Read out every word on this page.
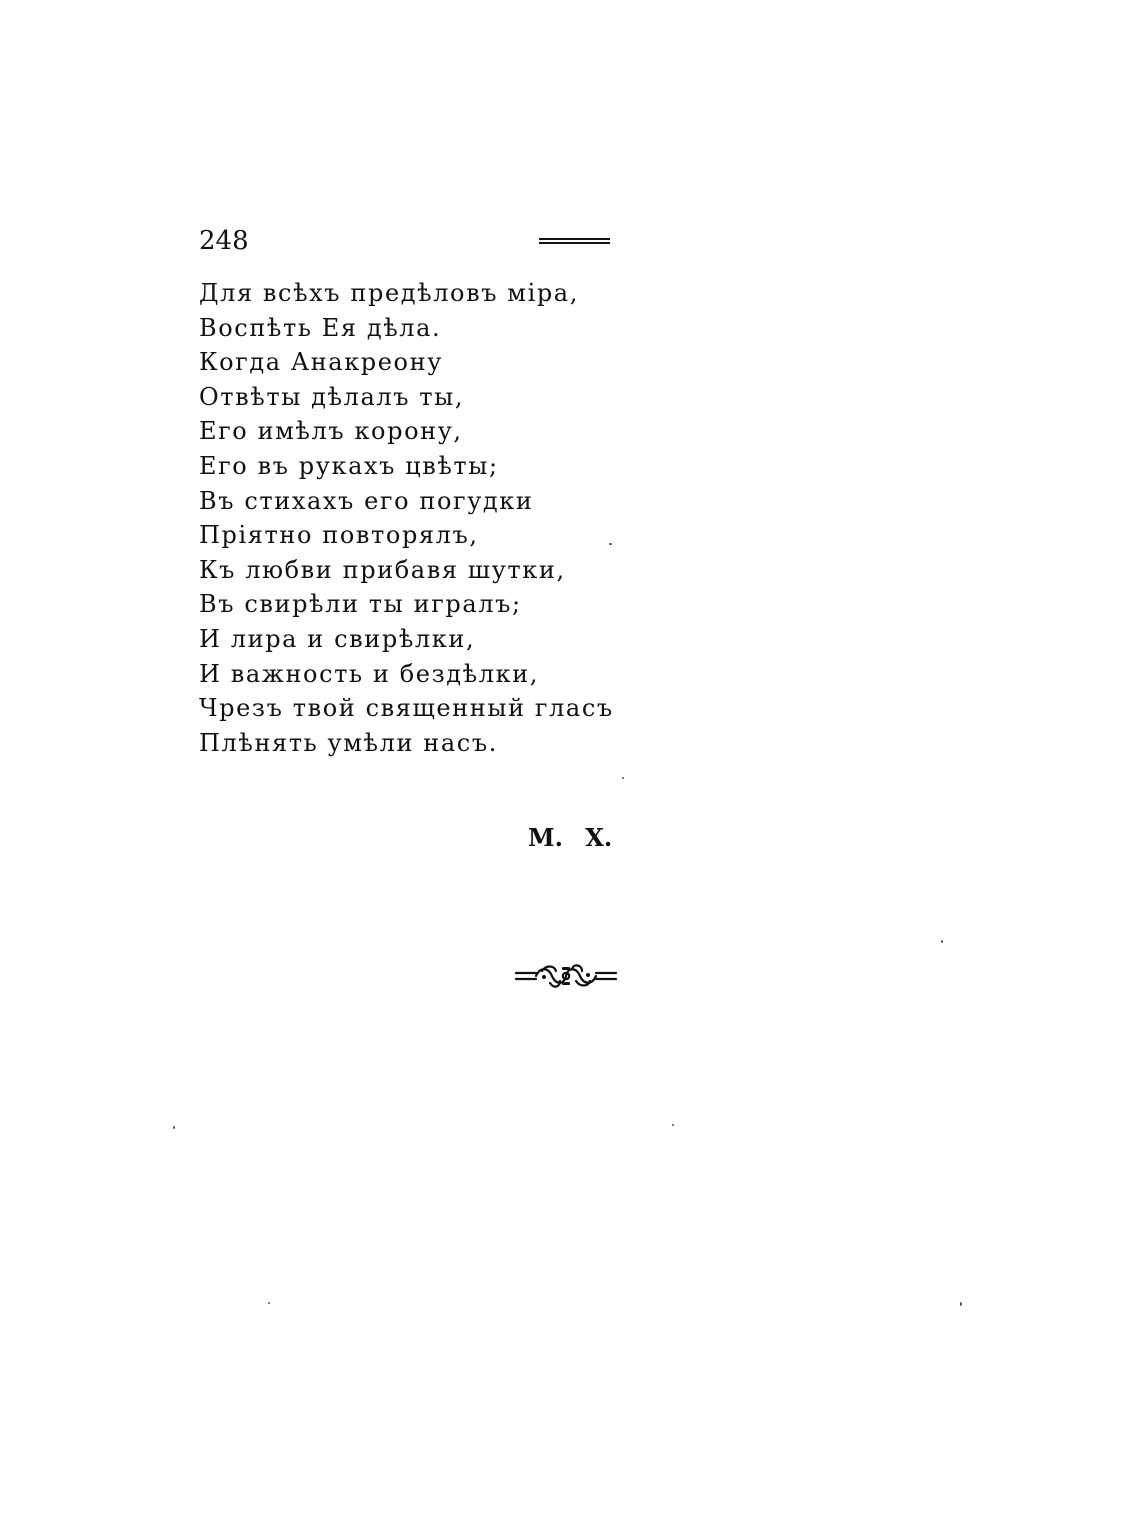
248
Для всѣхъ предѣловъ міра,
Воспѣть Ея дѣла.
Когда Анакреону
Отвѣты дѣлалъ ты,
Его имѣлъ корону,
Его въ рукахъ цвѣты;
Въ стихахъ его погудки
Пріятно повторялъ,
Къ любви прибавя шутки,
Въ свирѣли ты игралъ;
И лира и свирѣлки,
И важность и бездѣлки,
Чрезъ твой священный гласъ
Плѣнять умѣли насъ.
М. Х.
